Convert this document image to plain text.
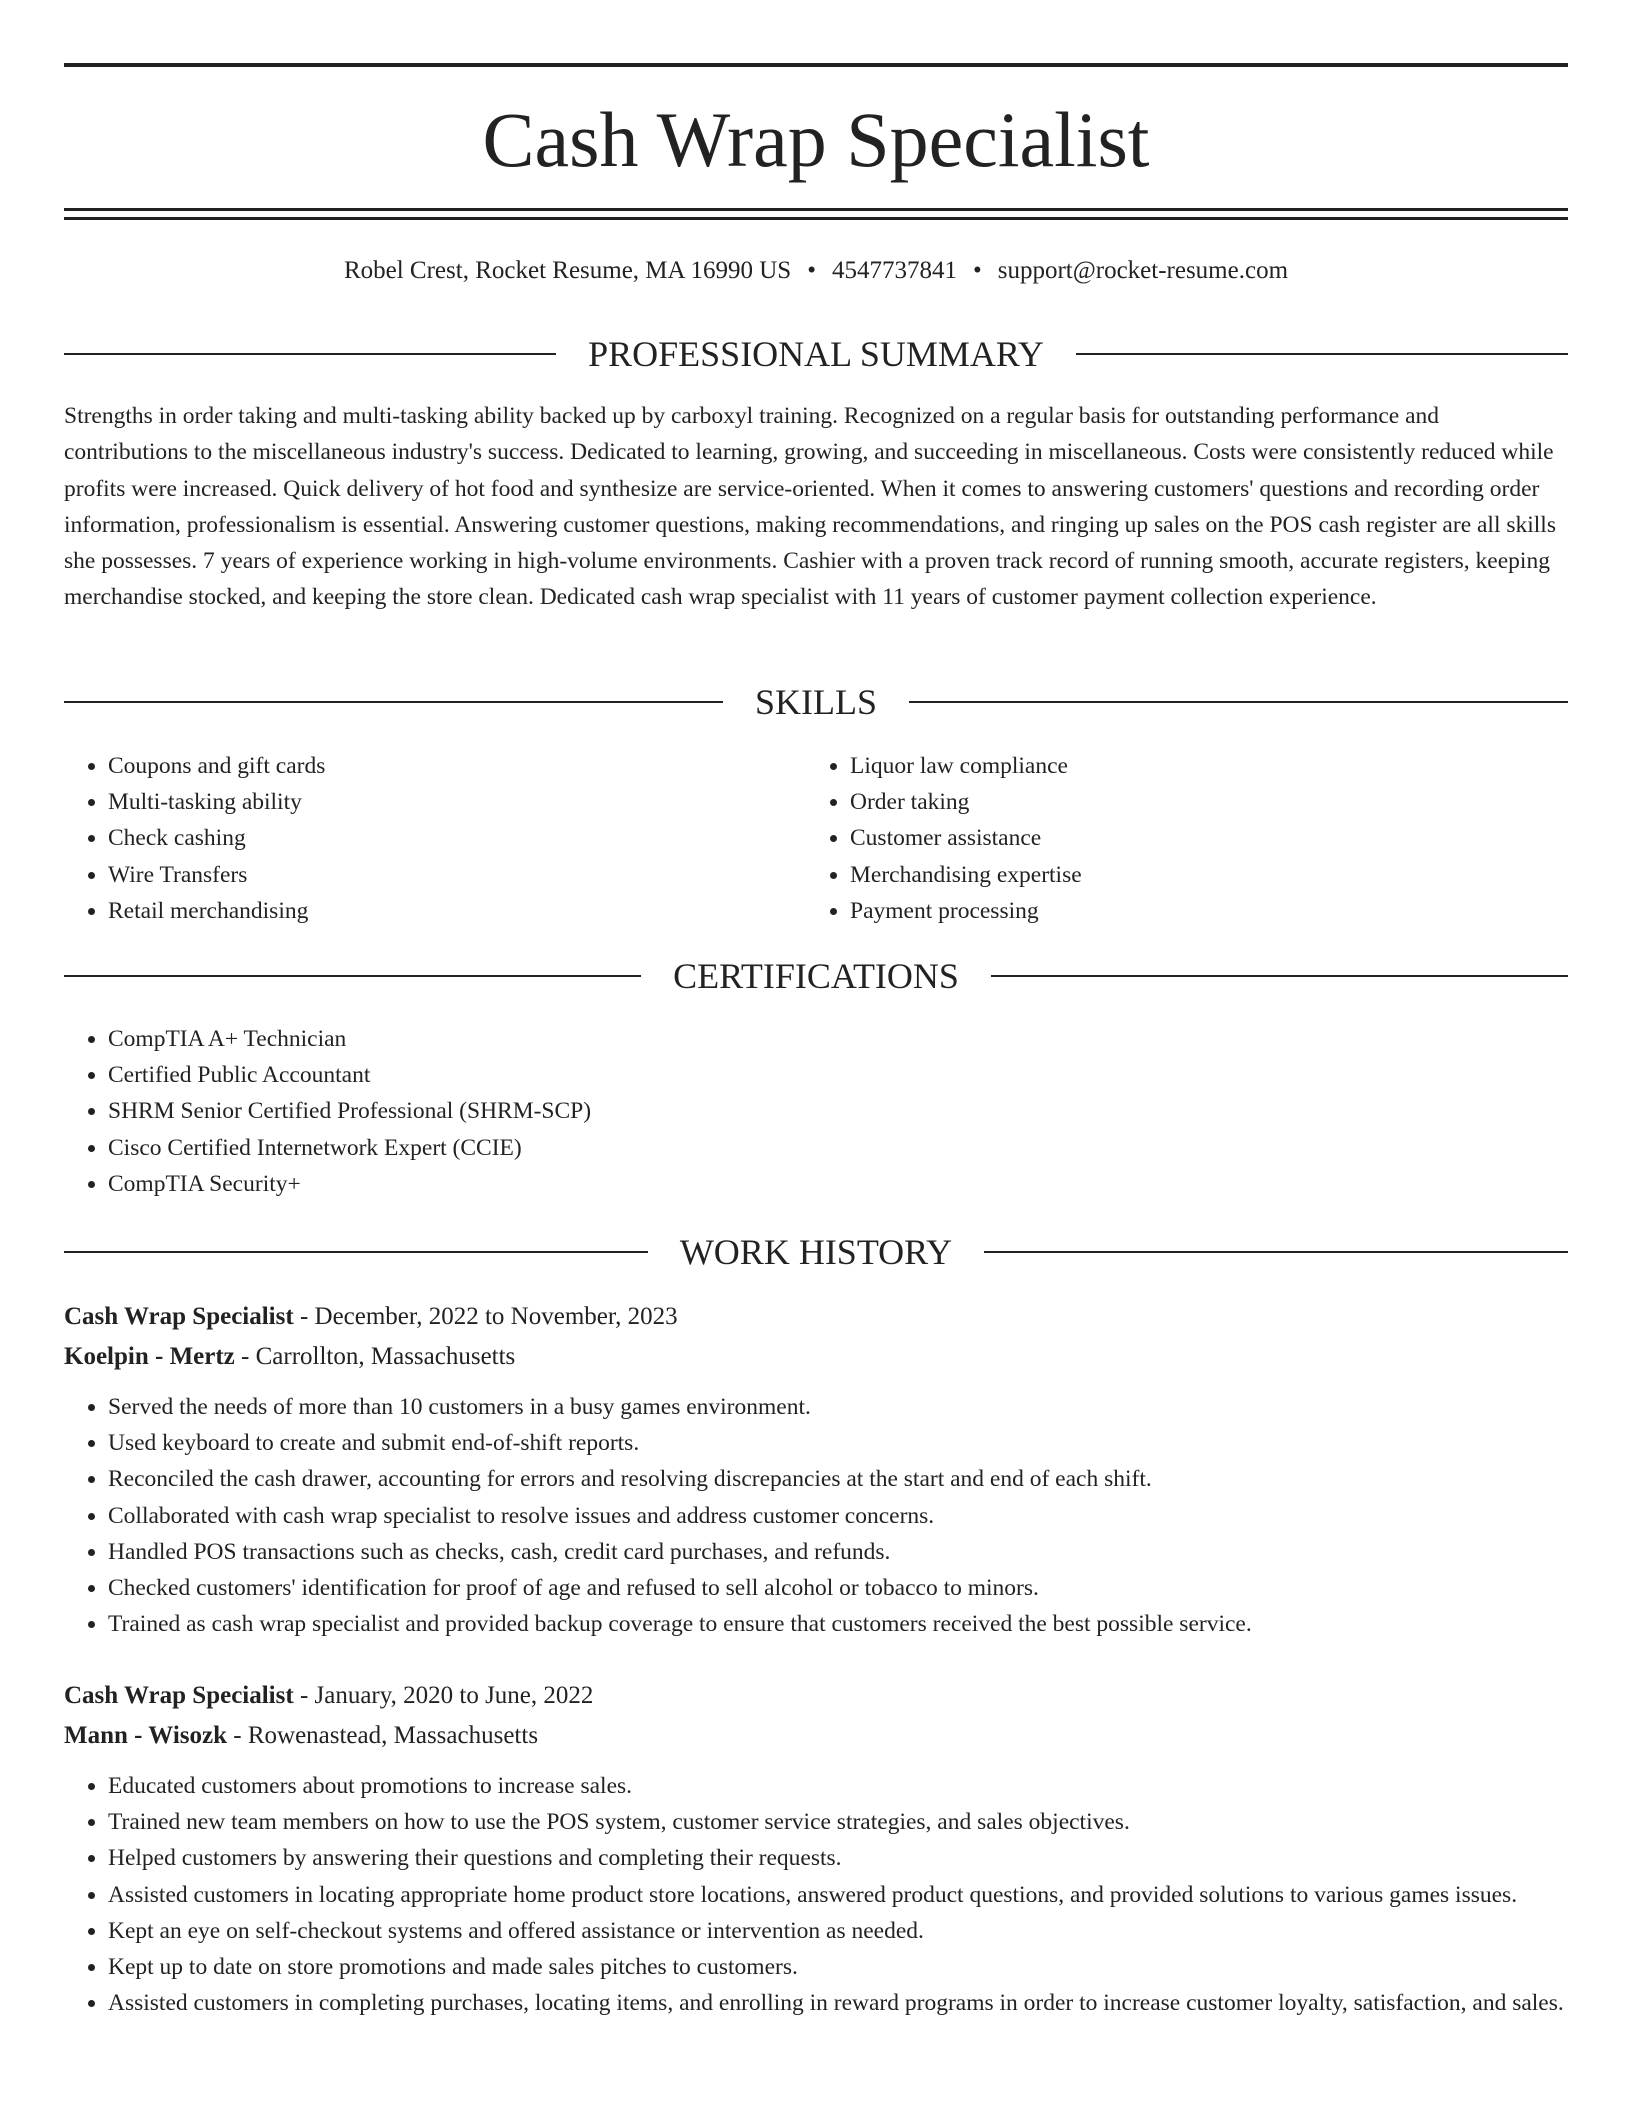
Cash Wrap Specialist
Robel Crest, Rocket Resume, MA 16990 US • 4547737841 • support@rocket-resume.com
PROFESSIONAL SUMMARY

Strengths in order taking and multi-tasking ability backed up by carboxyl training. Recognized on a regular basis for outstanding performance and contributions to the miscellaneous industry's success. Dedicated to learning, growing, and succeeding in miscellaneous. Costs were consistently reduced while profits were increased. Quick delivery of hot food and synthesize are service-oriented. When it comes to answering customers' questions and recording order information, professionalism is essential. Answering customer questions, making recommendations, and ringing up sales on the POS cash register are all skills she possesses. 7 years of experience working in high-volume environments. Cashier with a proven track record of running smooth, accurate registers, keeping merchandise stocked, and keeping the store clean. Dedicated cash wrap specialist with 11 years of customer payment collection experience.

SKILLS
• Coupons and gift cards
• Multi-tasking ability
• Check cashing
• Wire Transfers
• Retail merchandising
• Liquor law compliance
• Order taking
• Customer assistance
• Merchandising expertise
• Payment processing
CERTIFICATIONS
• CompTIA A+ Technician
• Certified Public Accountant
• SHRM Senior Certified Professional (SHRM-SCP)
• Cisco Certified Internetwork Expert (CCIE)
• CompTIA Security+
WORK HISTORY

Cash Wrap Specialist - December, 2022 to November, 2023

Koelpin - Mertz - Carrollton, Massachusetts

• Served the needs of more than 10 customers in a busy games environment.
• Used keyboard to create and submit end-of-shift reports.
• Reconciled the cash drawer, accounting for errors and resolving discrepancies at the start and end of each shift.
• Collaborated with cash wrap specialist to resolve issues and address customer concerns.
• Handled POS transactions such as checks, cash, credit card purchases, and refunds.
• Checked customers' identification for proof of age and refused to sell alcohol or tobacco to minors.
• Trained as cash wrap specialist and provided backup coverage to ensure that customers received the best possible service.

Cash Wrap Specialist - January, 2020 to June, 2022

Mann - Wisozk - Rowenastead, Massachusetts

• Educated customers about promotions to increase sales.
• Trained new team members on how to use the POS system, customer service strategies, and sales objectives.
• Helped customers by answering their questions and completing their requests.
• Assisted customers in locating appropriate home product store locations, answered product questions, and provided solutions to various games issues.
• Kept an eye on self-checkout systems and offered assistance or intervention as needed.
• Kept up to date on store promotions and made sales pitches to customers.
• Assisted customers in completing purchases, locating items, and enrolling in reward programs in order to increase customer loyalty, satisfaction, and sales.
